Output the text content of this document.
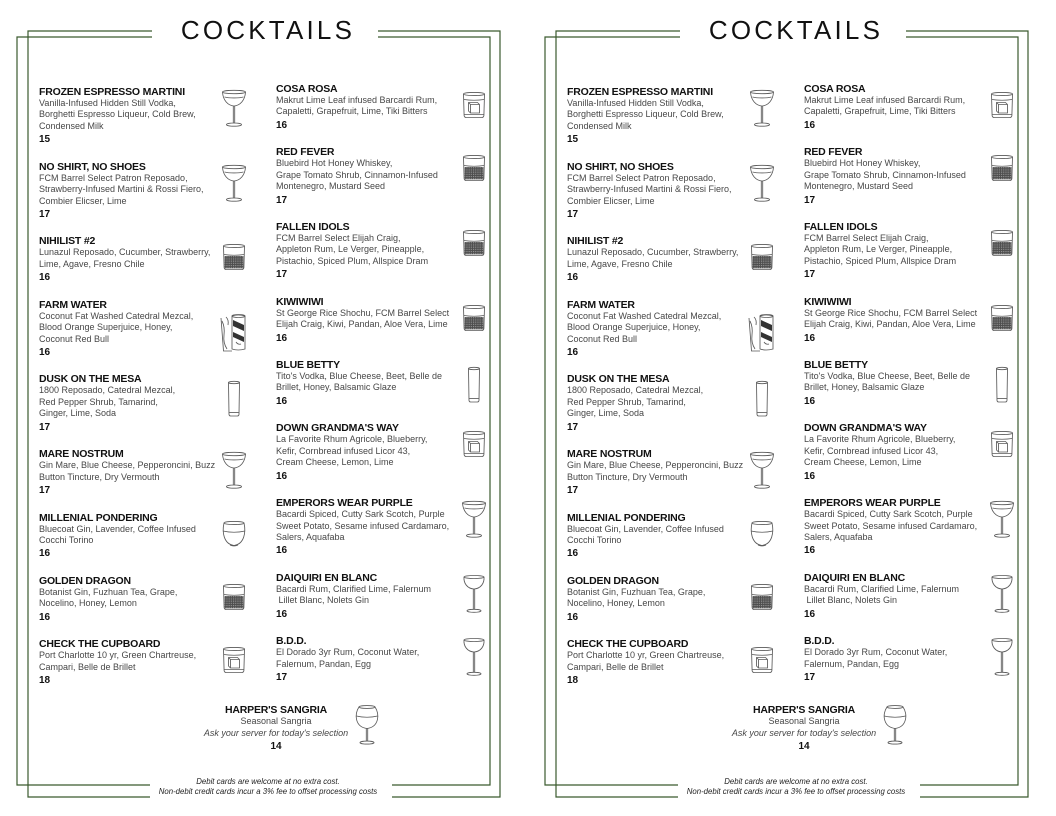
COCKTAILS
FROZEN ESPRESSO MARTINI
Vanilla-Infused Hidden Still Vodka,
Borghetti Espresso Liqueur, Cold Brew,
Condensed Milk
15
NO SHIRT, NO SHOES
FCM Barrel Select Patron Reposado,
Strawberry-Infused Martini & Rossi Fiero,
Combier Elicser, Lime
17
NIHILIST #2
Lunazul Reposado, Cucumber, Strawberry,
Lime, Agave, Fresno Chile
16
FARM WATER
Coconut Fat Washed Catedral Mezcal,
Blood Orange Superjuice, Honey,
Coconut Red Bull
16
DUSK ON THE MESA
1800 Reposado, Catedral Mezcal,
Red Pepper Shrub, Tamarind,
Ginger, Lime, Soda
17
MARE NOSTRUM
Gin Mare, Blue Cheese, Pepperoncini, Buzz
Button Tincture, Dry Vermouth
17
MILLENIAL PONDERING
Bluecoat Gin, Lavender, Coffee Infused
Cocchi Torino
16
GOLDEN DRAGON
Botanist Gin, Fuzhuan Tea, Grape,
Nocelino, Honey, Lemon
16
CHECK THE CUPBOARD
Port Charlotte 10 yr, Green Chartreuse,
Campari, Belle de Brillet
18
COSA ROSA
Makrut Lime Leaf infused Barcardi Rum,
Capaletti, Grapefruit, Lime, Tiki Bitters
16
RED FEVER
Bluebird Hot Honey Whiskey,
Grape Tomato Shrub, Cinnamon-Infused
Montenegro, Mustard Seed
17
FALLEN IDOLS
FCM Barrel Select Elijah Craig,
Appleton Rum, Le Verger, Pineapple,
Pistachio, Spiced Plum, Allspice Dram
17
KIWIWIWI
St George Rice Shochu, FCM Barrel Select
Elijah Craig, Kiwi, Pandan, Aloe Vera, Lime
16
BLUE BETTY
Tito's Vodka, Blue Cheese, Beet, Belle de
Brillet, Honey, Balsamic Glaze
16
DOWN GRANDMA'S WAY
La Favorite Rhum Agricole, Blueberry,
Kefir, Cornbread infused Licor 43,
Cream Cheese, Lemon, Lime
16
EMPERORS WEAR PURPLE
Bacardi Spiced, Cutty Sark Scotch, Purple
Sweet Potato, Sesame infused Cardamaro,
Salers, Aquafaba
16
DAIQUIRI EN BLANC
Bacardi Rum, Clarified Lime, Falernum
Lillet Blanc, Nolets Gin
16
B.D.D.
El Dorado 3yr Rum, Coconut Water,
Falernum, Pandan, Egg
17
HARPER'S SANGRIA
Seasonal Sangria
Ask your server for today's selection
14
Debit cards are welcome at no extra cost.
Non-debit credit cards incur a 3% fee to offset processing costs
COCKTAILS
FROZEN ESPRESSO MARTINI
Vanilla-Infused Hidden Still Vodka,
Borghetti Espresso Liqueur, Cold Brew,
Condensed Milk
15
NO SHIRT, NO SHOES
FCM Barrel Select Patron Reposado,
Strawberry-Infused Martini & Rossi Fiero,
Combier Elicser, Lime
17
NIHILIST #2
Lunazul Reposado, Cucumber, Strawberry,
Lime, Agave, Fresno Chile
16
FARM WATER
Coconut Fat Washed Catedral Mezcal,
Blood Orange Superjuice, Honey,
Coconut Red Bull
16
DUSK ON THE MESA
1800 Reposado, Catedral Mezcal,
Red Pepper Shrub, Tamarind,
Ginger, Lime, Soda
17
MARE NOSTRUM
Gin Mare, Blue Cheese, Pepperoncini, Buzz
Button Tincture, Dry Vermouth
17
MILLENIAL PONDERING
Bluecoat Gin, Lavender, Coffee Infused
Cocchi Torino
16
GOLDEN DRAGON
Botanist Gin, Fuzhuan Tea, Grape,
Nocelino, Honey, Lemon
16
CHECK THE CUPBOARD
Port Charlotte 10 yr, Green Chartreuse,
Campari, Belle de Brillet
18
COSA ROSA
Makrut Lime Leaf infused Barcardi Rum,
Capaletti, Grapefruit, Lime, Tiki Bitters
16
RED FEVER
Bluebird Hot Honey Whiskey,
Grape Tomato Shrub, Cinnamon-Infused
Montenegro, Mustard Seed
17
FALLEN IDOLS
FCM Barrel Select Elijah Craig,
Appleton Rum, Le Verger, Pineapple,
Pistachio, Spiced Plum, Allspice Dram
17
KIWIWIWI
St George Rice Shochu, FCM Barrel Select
Elijah Craig, Kiwi, Pandan, Aloe Vera, Lime
16
BLUE BETTY
Tito's Vodka, Blue Cheese, Beet, Belle de
Brillet, Honey, Balsamic Glaze
16
DOWN GRANDMA'S WAY
La Favorite Rhum Agricole, Blueberry,
Kefir, Cornbread infused Licor 43,
Cream Cheese, Lemon, Lime
16
EMPERORS WEAR PURPLE
Bacardi Spiced, Cutty Sark Scotch, Purple
Sweet Potato, Sesame infused Cardamaro,
Salers, Aquafaba
16
DAIQUIRI EN BLANC
Bacardi Rum, Clarified Lime, Falernum
Lillet Blanc, Nolets Gin
16
B.D.D.
El Dorado 3yr Rum, Coconut Water,
Falernum, Pandan, Egg
17
HARPER'S SANGRIA
Seasonal Sangria
Ask your server for today's selection
14
Debit cards are welcome at no extra cost.
Non-debit credit cards incur a 3% fee to offset processing costs
